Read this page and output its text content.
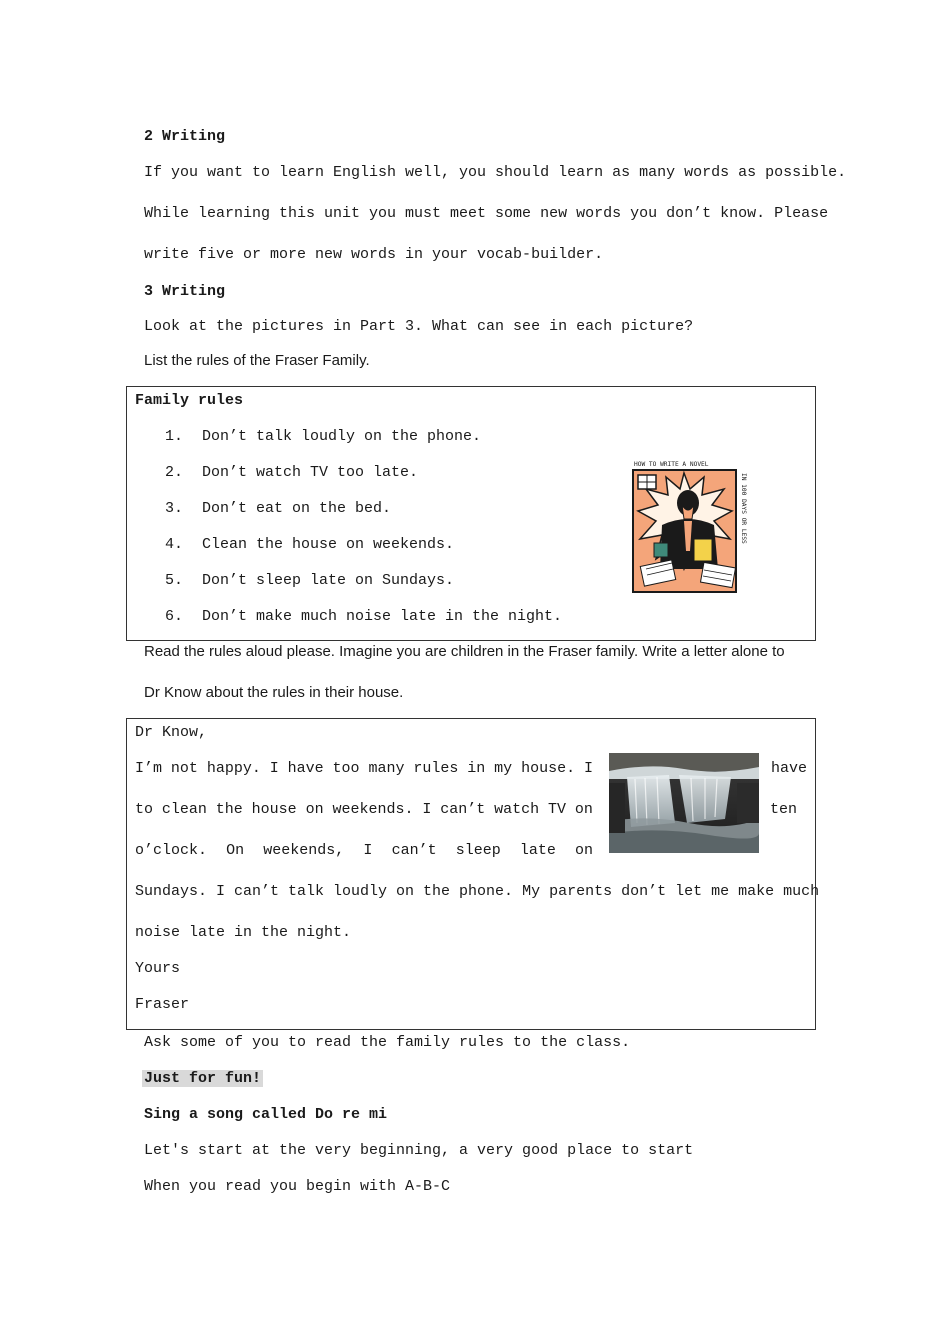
2 Writing
If you want to learn English well, you should learn as many words as possible.
While learning this unit you must meet some new words you don’t know. Please
write five or more new words in your vocab-builder.
3 Writing
Look at the pictures in Part 3. What can see in each picture?
List the rules of the Fraser Family.
Family rules
1. Don’t talk loudly on the phone.
2. Don’t watch TV too late.
3. Don’t eat on the bed.
4. Clean the house on weekends.
5. Don’t sleep late on Sundays.
6. Don’t make much noise late in the night.
HOW TO WRITE A NOVEL
IN 100 DAYS OR LESS
Read the rules aloud please. Imagine you are children in the Fraser family. Write a letter alone to
Dr Know about the rules in their house.
Dr Know,
I’m not happy. I have too many rules in my house. I	have
to clean the house on weekends. I can’t watch TV on	ten
o’clock. On weekends, I can’t sleep late on
Sundays. I can’t talk loudly on the phone. My parents don’t let me make much
noise late in the night.
Yours
Fraser
Ask some of you to read the family rules to the class.
Just for fun!
Sing a song called Do re mi
Let's start at the very beginning, a very good place to start
When you read you begin with A-B-C
